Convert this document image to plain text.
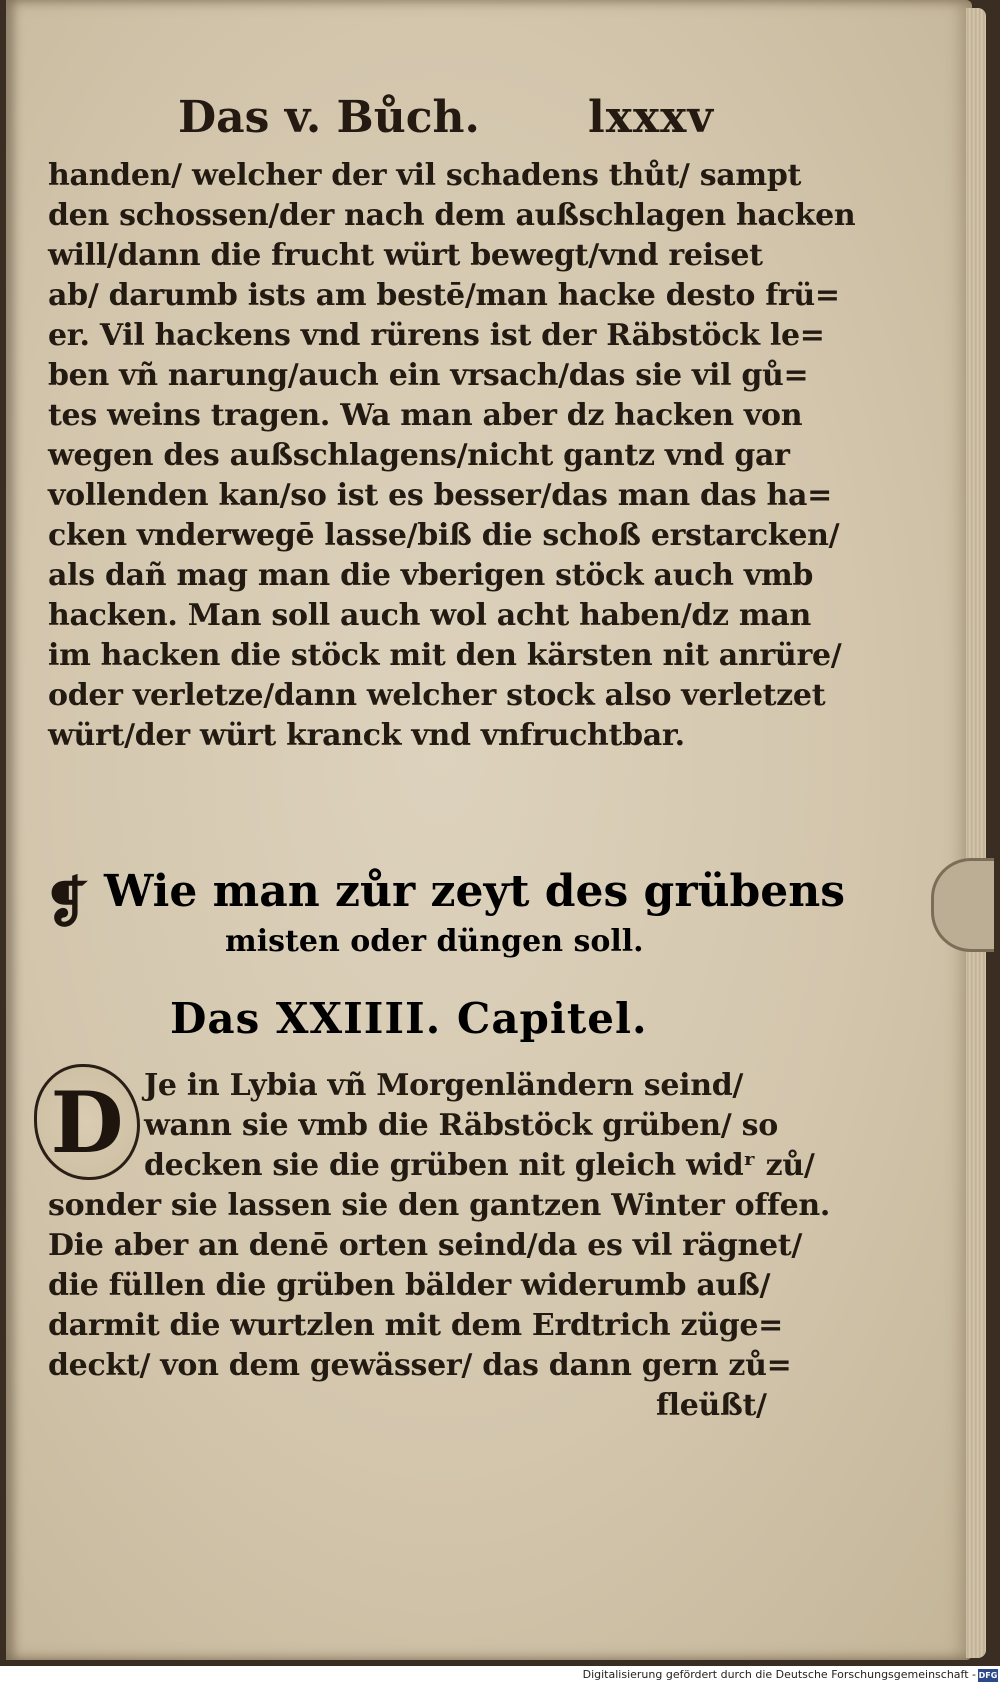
Das v. Bůch. lxxxv
handen/ welcher der vil schadens thůt/ sampt
den schossen/der nach dem außschlagen hacken
will/dann die frucht würt bewegt/vnd reiset
ab/ darumb ists am bestē/man hacke desto frü=
er. Vil hackens vnd rürens ist der Räbstöck le=
ben vñ narung/auch ein vrsach/das sie vil gů=
tes weins tragen. Wa man aber dz hacken von
wegen des außschlagens/nicht gantz vnd gar
vollenden kan/so ist es besser/das man das ha=
cken vnderwegē lasse/biß die schoß erstarcken/
als dañ mag man die vberigen stöck auch vmb
hacken. Man soll auch wol acht haben/dz man
im hacken die stöck mit den kärsten nit anrüre/
oder verletze/dann welcher stock also verletzet
würt/der würt kranck vnd vnfruchtbar.
❡ Wie man zůr zeyt des grübens
misten oder düngen soll.
Das XXIIII. Capitel.
D Je in Lybia vñ Morgenländern seind/
wann sie vmb die Räbstöck grüben/ so
decken sie die grüben nit gleich widʳ zů/
sonder sie lassen sie den gantzen Winter offen.
Die aber an denē orten seind/da es vil rägnet/
die füllen die grüben bälder widerumb auß/
darmit die wurtzlen mit dem Erdtrich züge=
deckt/ von dem gewässer/ das dann gern zů=
fleüßt/
Digitalisierung gefördert durch die Deutsche Forschungsgemeinschaft - DFG
